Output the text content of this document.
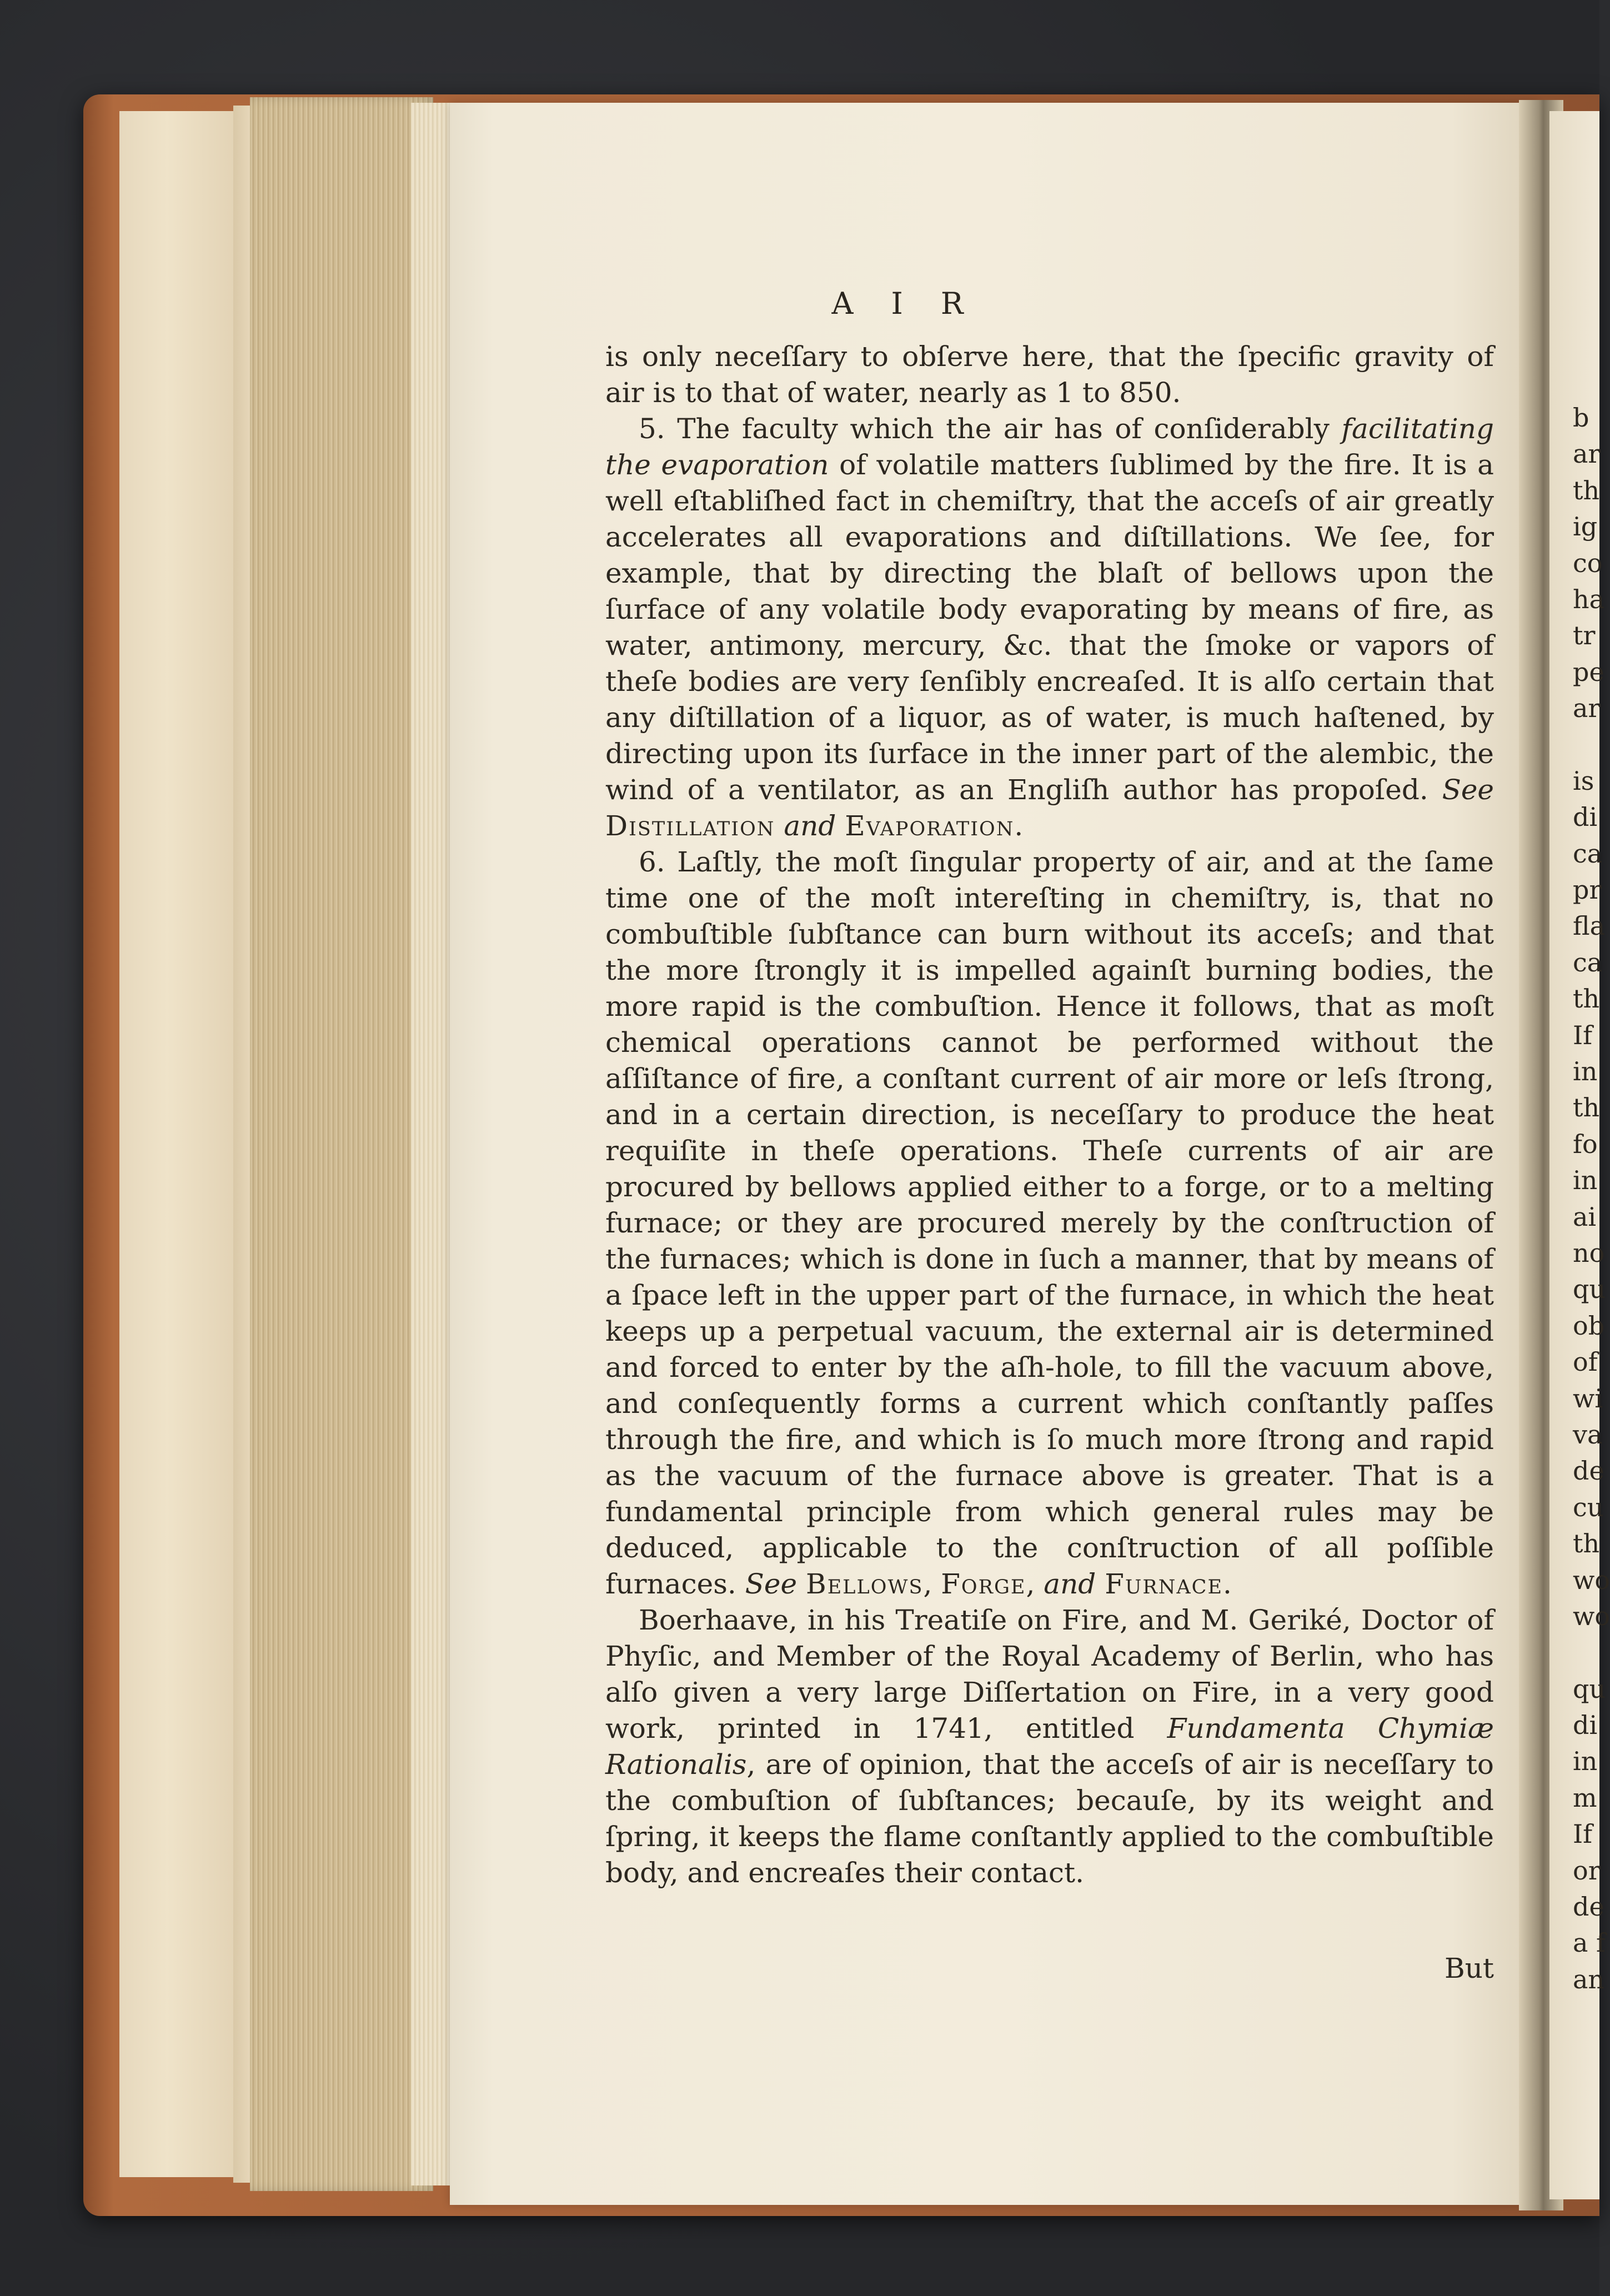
AIR

is only neceſſary to obſerve here, that the ſpecific gravity of air is to that of water, nearly as 1 to 850.

5. The faculty which the air has of conſiderably facilitating the evaporation of volatile matters ſublimed by the fire. It is a well eſtabliſhed fact in chemiſtry, that the acceſs of air greatly accelerates all evaporations and diſtillations. We ſee, for example, that by directing the blaſt of bellows upon the ſurface of any volatile body evaporating by means of fire, as water, antimony, mercury, &c. that the ſmoke or vapors of theſe bodies are very ſenſibly encreaſed. It is alſo certain that any diſtillation of a liquor, as of water, is much haſtened, by directing upon its ſurface in the inner part of the alembic, the wind of a ventilator, as an Engliſh author has propoſed. See Distillation and Evaporation.

6. Laſtly, the moſt ſingular property of air, and at the ſame time one of the moſt intereſting in chemiſtry, is, that no combuſtible ſubſtance can burn without its acceſs; and that the more ſtrongly it is impelled againſt burning bodies, the more rapid is the combuſtion. Hence it follows, that as moſt chemical operations cannot be performed without the aſſiſtance of fire, a conſtant current of air more or leſs ſtrong, and in a certain direction, is neceſſary to produce the heat requiſite in theſe operations. Theſe currents of air are procured by bellows applied either to a forge, or to a melting furnace; or they are procured merely by the conſtruction of the furnaces; which is done in ſuch a manner, that by means of a ſpace left in the upper part of the furnace, in which the heat keeps up a perpetual vacuum, the external air is determined and forced to enter by the aſh-hole, to fill the vacuum above, and conſequently forms a current which conſtantly paſſes through the fire, and which is ſo much more ſtrong and rapid as the vacuum of the furnace above is greater. That is a fundamental principle from which general rules may be deduced, applicable to the conſtruction of all poſſible furnaces. See Bellows, Forge, and Furnace.

Boerhaave, in his Treatiſe on Fire, and M. Geriké, Doctor of Phyſic, and Member of the Royal Academy of Berlin, who has alſo given a very large Diſſertation on Fire, in a very good work, printed in 1741, entitled Fundamenta Chymiæ Rationalis, are of opinion, that the acceſs of air is neceſſary to the combuſtion of ſubſtances; becauſe, by its weight and ſpring, it keeps the flame conſtantly applied to the combuſtible body, and encreaſes their contact.

But
b
ar
th
ig
co
ha
tr
pe
ar
is
di
ca
pr
fla
ca
th
If
in
th
fo
in
ai
no
qu
ob
of
wi
va
de
cu
th
wo
wo
qu
di
in
m
If
or
de
a f
an
